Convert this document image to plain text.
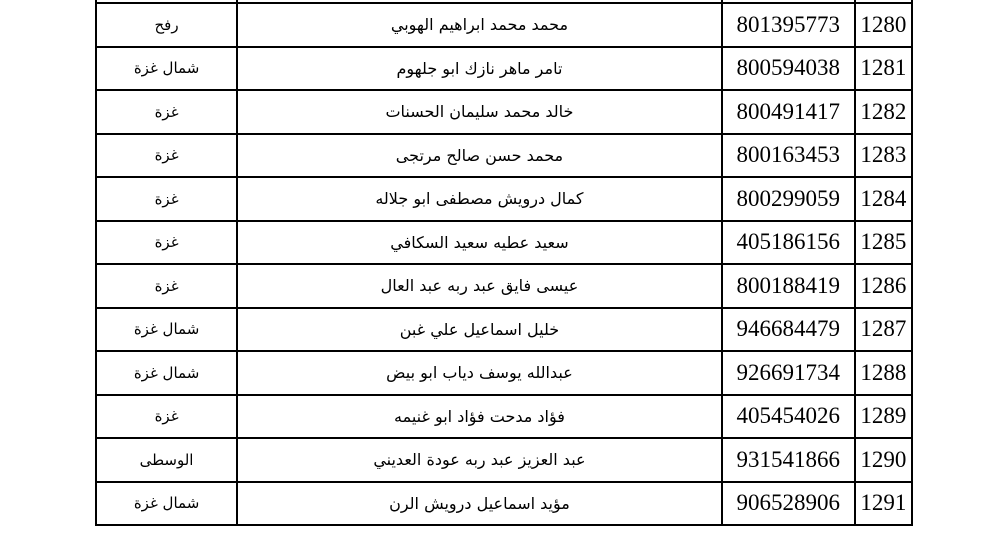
رفح	محمد محمد ابراهيم الهوبي	801395773	1280
شمال غزة	تامر ماهر نازك ابو جلهوم	800594038	1281
غزة	خالد محمد سليمان الحسنات	800491417	1282
غزة	محمد حسن صالح مرتجى	800163453	1283
غزة	كمال درويش مصطفى ابو جلاله	800299059	1284
غزة	سعيد عطيه سعيد السكافي	405186156	1285
غزة	عيسى فايق عبد ربه عبد العال	800188419	1286
شمال غزة	خليل اسماعيل علي غبن	946684479	1287
شمال غزة	عبدالله يوسف دياب ابو بيض	926691734	1288
غزة	فؤاد مدحت فؤاد ابو غنيمه	405454026	1289
الوسطى	عبد العزيز عبد ربه عودة العديني	931541866	1290
شمال غزة	مؤيد اسماعيل درويش الرن	906528906	1291
